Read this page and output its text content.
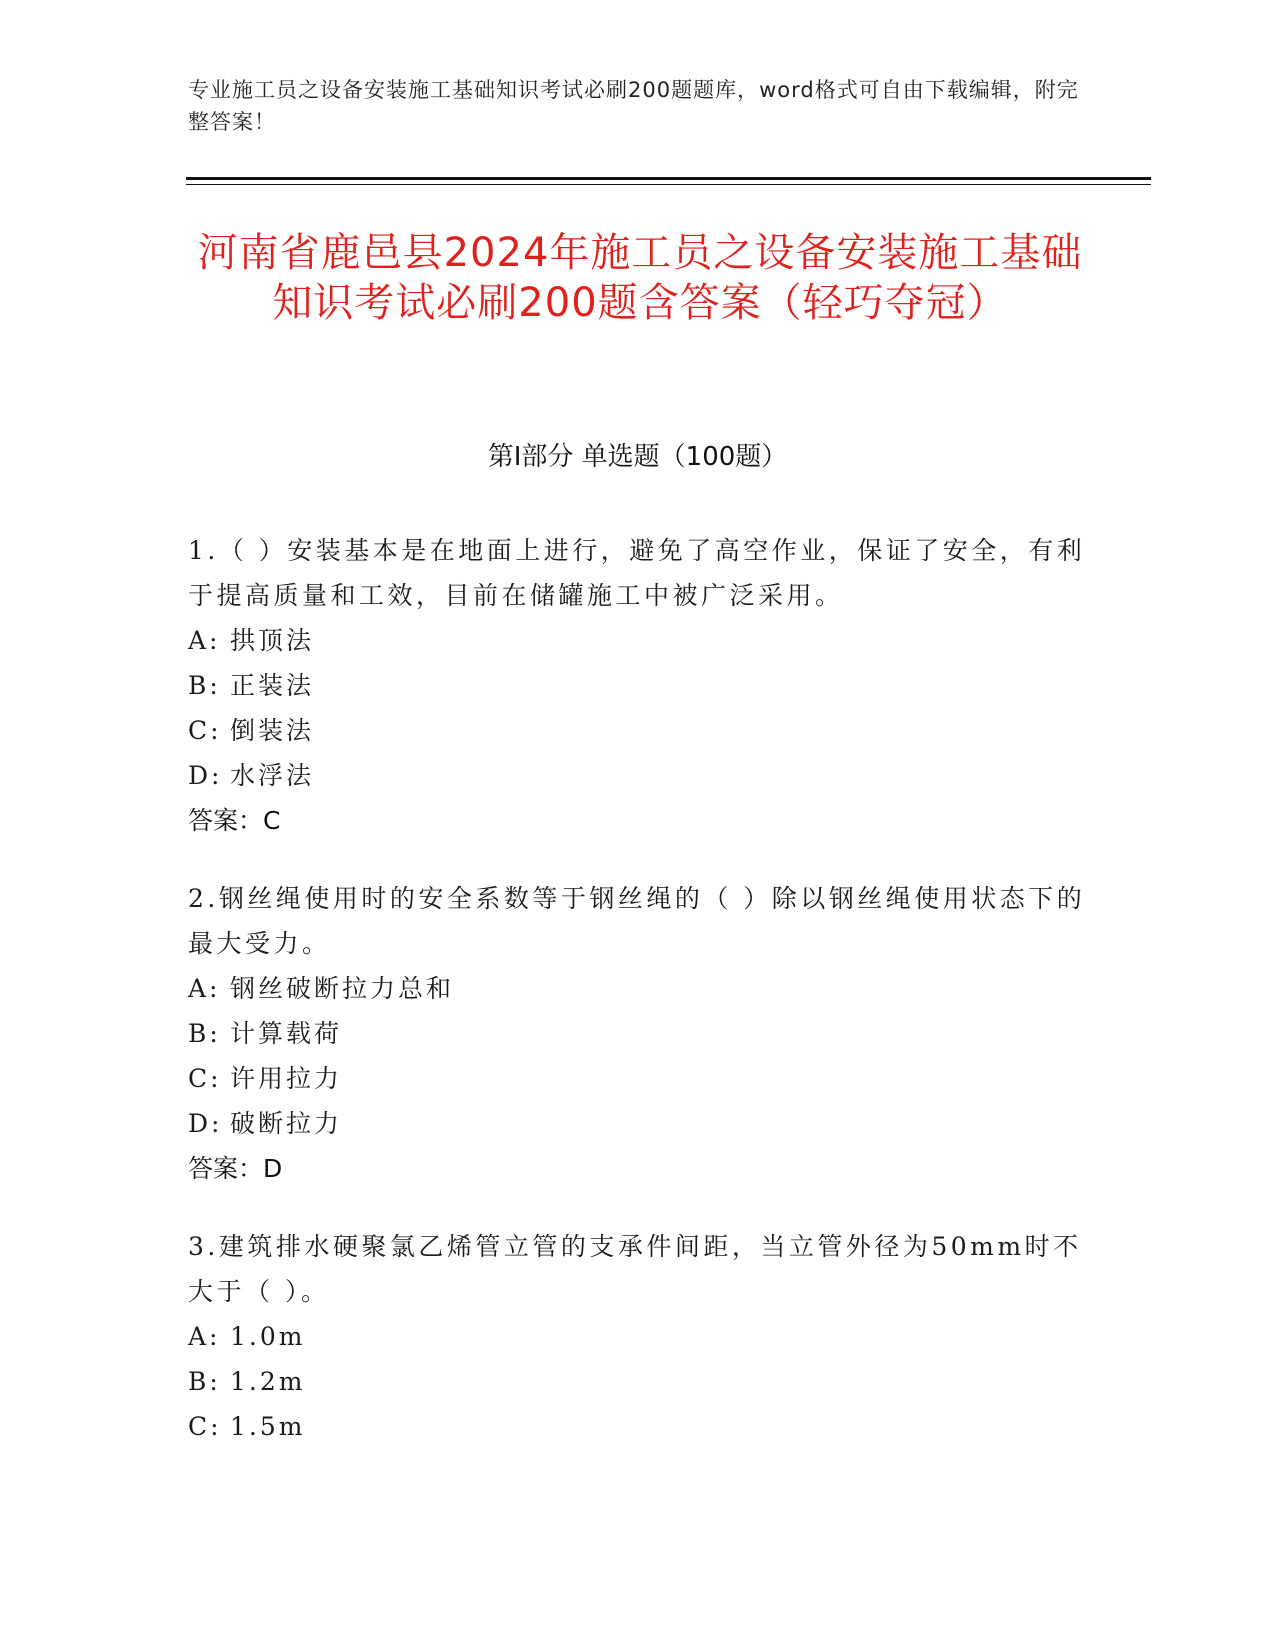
专业施工员之设备安装施工基础知识考试必刷200题题库，word格式可自由下载编辑，附完整答案！
河南省鹿邑县2024年施工员之设备安装施工基础知识考试必刷200题含答案（轻巧夺冠）
第Ⅰ部分 单选题（100题）
1.（ ）安装基本是在地面上进行，避免了高空作业，保证了安全，有利于提高质量和工效，目前在储罐施工中被广泛采用。
A: 拱顶法
B: 正装法
C: 倒装法
D: 水浮法
答案：C
2.钢丝绳使用时的安全系数等于钢丝绳的（ ）除以钢丝绳使用状态下的最大受力。
A: 钢丝破断拉力总和
B: 计算载荷
C: 许用拉力
D: 破断拉力
答案：D
3.建筑排水硬聚氯乙烯管立管的支承件间距，当立管外径为50mm时不大于（ ）。
A: 1.0m
B: 1.2m
C: 1.5m
